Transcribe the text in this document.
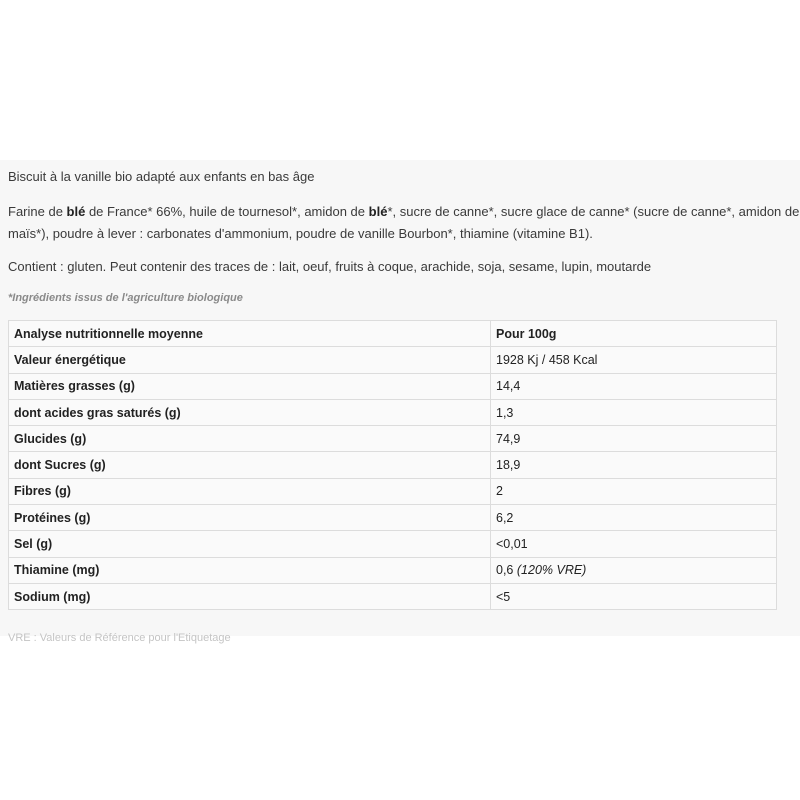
Biscuit à la vanille bio adapté aux enfants en bas âge

Farine de blé de France* 66%, huile de tournesol*, amidon de blé*, sucre de canne*, sucre glace de canne* (sucre de canne*, amidon de

maïs*), poudre à lever : carbonates d'ammonium, poudre de vanille Bourbon*, thiamine (vitamine B1).

Contient : gluten. Peut contenir des traces de : lait, oeuf, fruits à coque, arachide, soja, sesame, lupin, moutarde

*Ingrédients issus de l'agriculture biologique

Analyse nutritionnelle moyenne	Pour 100g
Valeur énergétique	1928 Kj / 458 Kcal
Matières grasses (g)	14,4
dont acides gras saturés (g)	1,3
Glucides (g)	74,9
dont Sucres (g)	18,9
Fibres (g)	2
Protéines (g)	6,2
Sel (g)	<0,01
Thiamine (mg)	0,6 (120% VRE)
Sodium (mg)	<5

VRE : Valeurs de Référence pour l'Etiquetage
